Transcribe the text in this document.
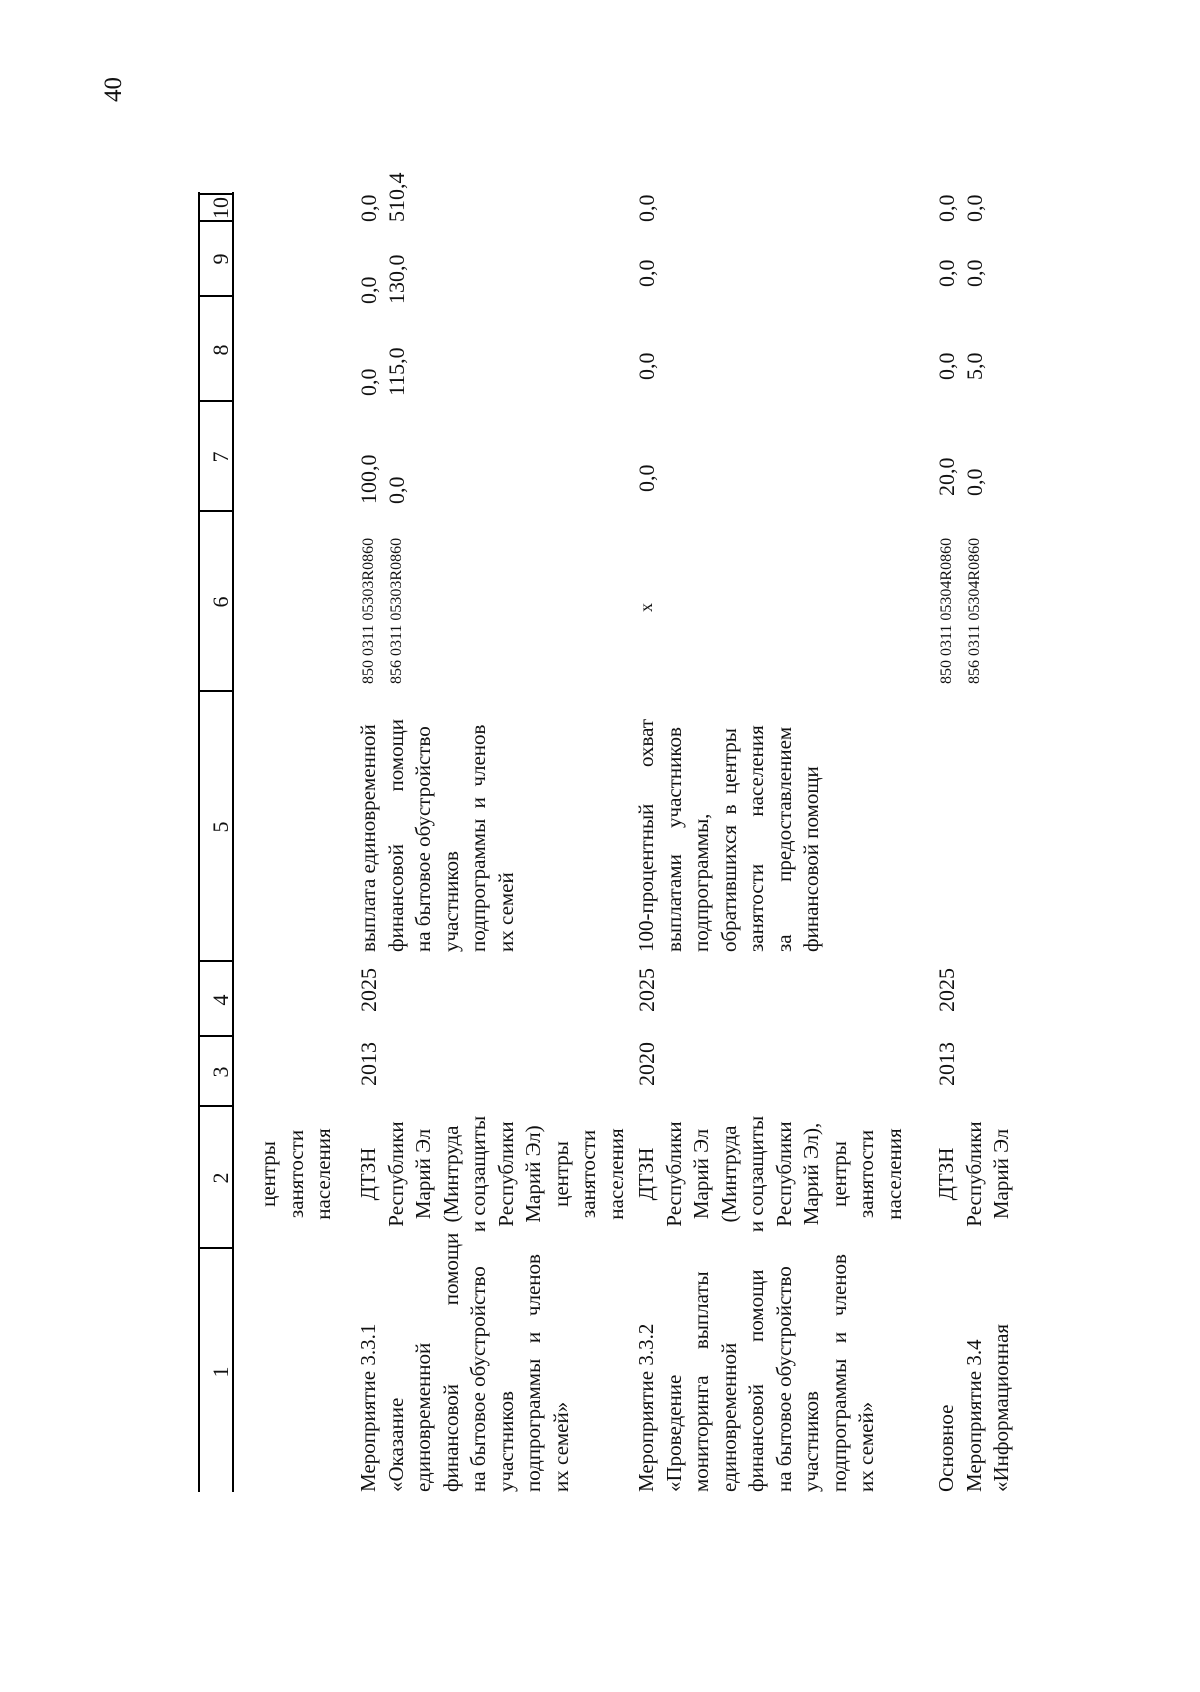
40
1
2
3
4
5
6
7
8
9
10
центры занятости населения
Мероприятие 3.3.1 «Оказание единовременной финансовой               помощи на бытовое обустройство участников подпрограммы   и   членов их семей»
ДТЗН Республики Марий Эл (Минтруда и соцзащиты Республики Марий Эл) центры занятости населения
2013
2025
выплата единовременной финансовой          помощи на бытовое обустройство участников подпрограммы  и  членов их семей
850 0311 05303R0860 856 0311 05303R0860
100,0 0,0
0,0 115,0
0,0 130,0
0,0 510,4
Мероприятие 3.3.2 «Проведение мониторинга     выплаты единовременной финансовой        помощи на бытовое обустройство участников подпрограммы   и   членов их семей»
ДТЗН Республики Марий Эл (Минтруда и соцзащиты Республики Марий Эл), центры занятости населения
2020
2025
100-процентный       охват выплатами     участников подпрограммы, обратившихся  в  центры занятости         населения за          предоставлением финансовой помощи
х
0,0
0,0
0,0
0,0
Основное Мероприятие 3.4 «Информационная
ДТЗН Республики Марий Эл
2013
2025
850 0311 05304R0860 856 0311 05304R0860
20,0 0,0
0,0 5,0
0,0 0,0
0,0 0,0
